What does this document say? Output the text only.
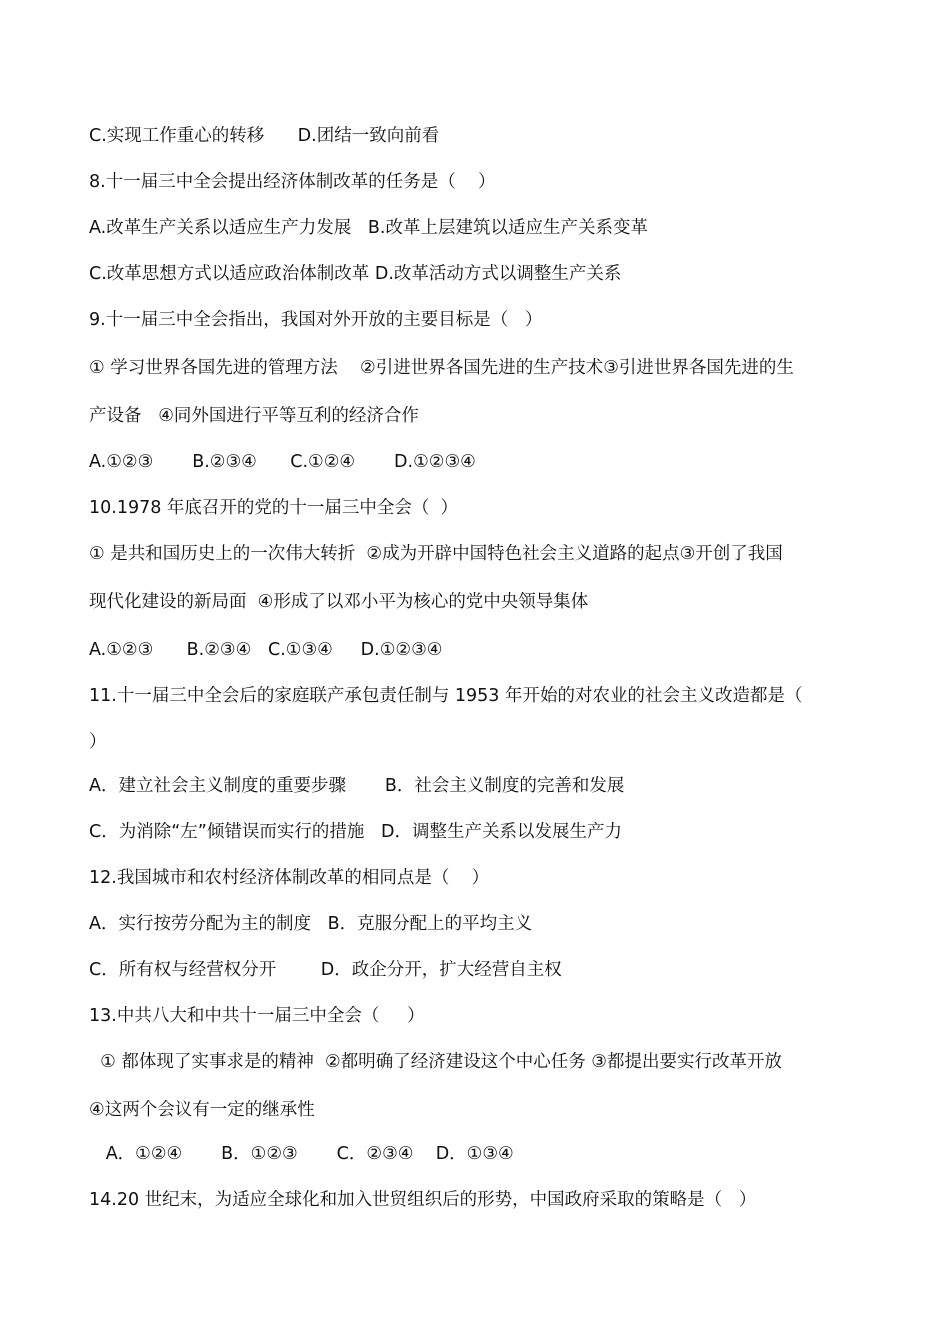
C.实现工作重心的转移      D.团结一致向前看
8.十一届三中全会提出经济体制改革的任务是（    ）
A.改革生产关系以适应生产力发展   B.改革上层建筑以适应生产关系变革
C.改革思想方式以适应政治体制改革 D.改革活动方式以调整生产关系
9.十一届三中全会指出，我国对外开放的主要目标是（   ）
① 学习世界各国先进的管理方法    ②引进世界各国先进的生产技术③引进世界各国先进的生
产设备   ④同外国进行平等互利的经济合作
A.①②③       B.②③④      C.①②④       D.①②③④
10.1978 年底召开的党的十一届三中全会（  ）
① 是共和国历史上的一次伟大转折  ②成为开辟中国特色社会主义道路的起点③开创了我国
现代化建设的新局面  ④形成了以邓小平为核心的党中央领导集体
A.①②③      B.②③④   C.①③④     D.①②③④
11.十一届三中全会后的家庭联产承包责任制与 1953 年开始的对农业的社会主义改造都是（
）
A．建立社会主义制度的重要步骤       B．社会主义制度的完善和发展
C．为消除“左”倾错误而实行的措施   D．调整生产关系以发展生产力
12.我国城市和农村经济体制改革的相同点是（    ）
A．实行按劳分配为主的制度   B．克服分配上的平均主义
C．所有权与经营权分开        D．政企分开，扩大经营自主权
13.中共八大和中共十一届三中全会（     ）
① 都体现了实事求是的精神  ②都明确了经济建设这个中心任务 ③都提出要实行改革开放
④这两个会议有一定的继承性
A．①②④       B．①②③       C．②③④    D．①③④
14.20 世纪末，为适应全球化和加入世贸组织后的形势，中国政府采取的策略是（   ）
